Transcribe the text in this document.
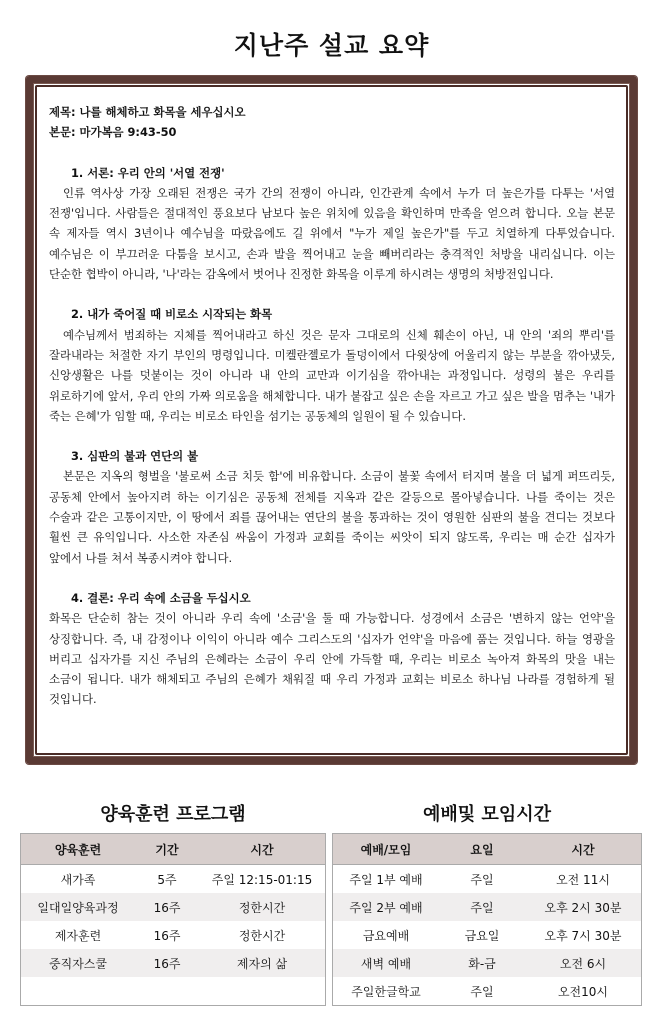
지난주 설교 요약
제목: 나를 해체하고 화목을 세우십시오
본문: 마가복음 9:43-50
1. 서론: 우리 안의 '서열 전쟁'
인류 역사상 가장 오래된 전쟁은 국가 간의 전쟁이 아니라, 인간관계 속에서 누가 더 높은가를 다투는 '서열 전쟁'입니다. 사람들은 절대적인 풍요보다 남보다 높은 위치에 있음을 확인하며 만족을 얻으려 합니다. 오늘 본문 속 제자들 역시 3년이나 예수님을 따랐음에도 길 위에서 "누가 제일 높은가"를 두고 치열하게 다투었습니다. 예수님은 이 부끄러운 다툼을 보시고, 손과 발을 찍어내고 눈을 빼버리라는 충격적인 처방을 내리십니다. 이는 단순한 협박이 아니라, '나'라는 감옥에서 벗어나 진정한 화목을 이루게 하시려는 생명의 처방전입니다.
2. 내가 죽어질 때 비로소 시작되는 화목
예수님께서 범죄하는 지체를 찍어내라고 하신 것은 문자 그대로의 신체 훼손이 아닌, 내 안의 '죄의 뿌리'를 잘라내라는 처절한 자기 부인의 명령입니다. 미켈란젤로가 돌덩이에서 다윗상에 어울리지 않는 부분을 깎아냈듯, 신앙생활은 나를 덧붙이는 것이 아니라 내 안의 교만과 이기심을 깎아내는 과정입니다. 성령의 불은 우리를 위로하기에 앞서, 우리 안의 가짜 의로움을 해체합니다. 내가 붙잡고 싶은 손을 자르고 가고 싶은 발을 멈추는 '내가 죽는 은혜'가 임할 때, 우리는 비로소 타인을 섬기는 공동체의 일원이 될 수 있습니다.
3. 심판의 불과 연단의 불
본문은 지옥의 형벌을 '불로써 소금 치듯 함'에 비유합니다. 소금이 불꽃 속에서 터지며 불을 더 넓게 퍼뜨리듯, 공동체 안에서 높아지려 하는 이기심은 공동체 전체를 지옥과 같은 갈등으로 몰아넣습니다. 나를 죽이는 것은 수술과 같은 고통이지만, 이 땅에서 죄를 끊어내는 연단의 불을 통과하는 것이 영원한 심판의 불을 견디는 것보다 훨씬 큰 유익입니다. 사소한 자존심 싸움이 가정과 교회를 죽이는 씨앗이 되지 않도록, 우리는 매 순간 십자가 앞에서 나를 쳐서 복종시켜야 합니다.
4. 결론: 우리 속에 소금을 두십시오
화목은 단순히 참는 것이 아니라 우리 속에 '소금'을 둘 때 가능합니다. 성경에서 소금은 '변하지 않는 언약'을 상징합니다. 즉, 내 감정이나 이익이 아니라 예수 그리스도의 '십자가 언약'을 마음에 품는 것입니다. 하늘 영광을 버리고 십자가를 지신 주님의 은혜라는 소금이 우리 안에 가득할 때, 우리는 비로소 녹아져 화목의 맛을 내는 소금이 됩니다. 내가 해체되고 주님의 은혜가 채워질 때 우리 가정과 교회는 비로소 하나님 나라를 경험하게 될 것입니다.
양육훈련 프로그램
양육훈련	기간	시간
새가족	5주	주일 12:15-01:15
일대일양육과정	16주	정한시간
제자훈련	16주	정한시간
중직자스쿨	16주	제자의 삶

예배및 모임시간
예배/모임	요일	시간
주일 1부 예배	주일	오전 11시
주일 2부 예배	주일	오후 2시 30분
금요예배	금요일	오후 7시 30분
새벽 예배	화-금	오전 6시
주일한글학교	주일	오전10시
